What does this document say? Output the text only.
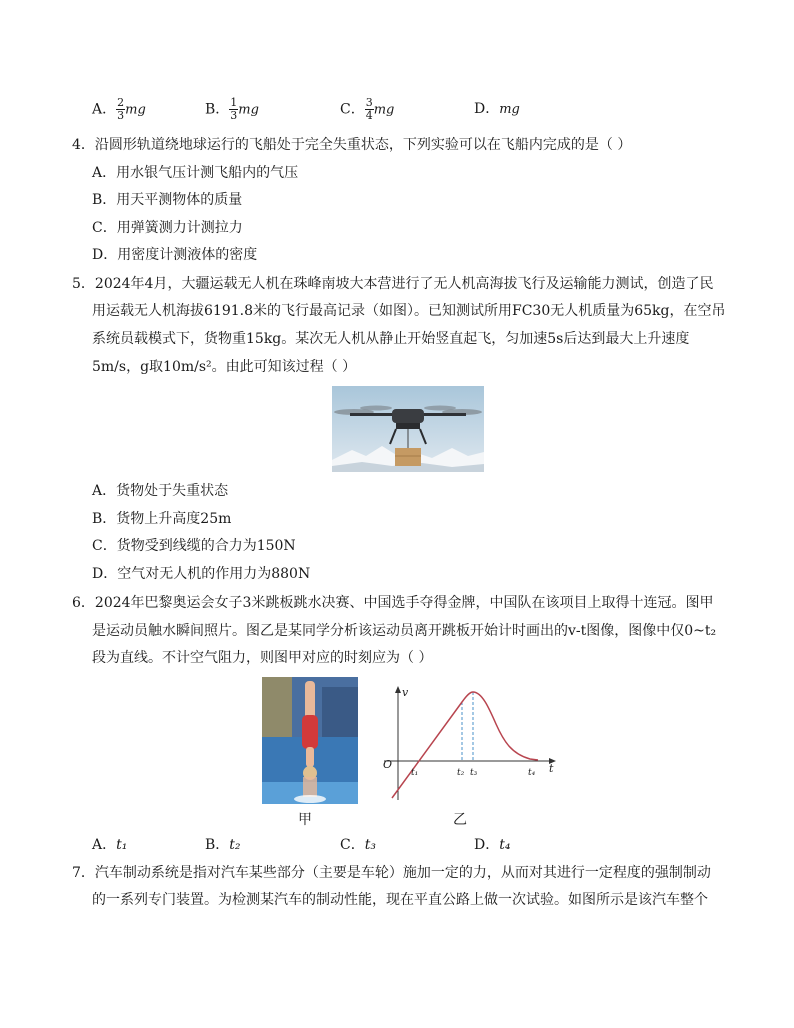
A． $\frac{2}{3}$ mg	B． $\frac{1}{3}$ mg	C． $\frac{3}{4}$ mg	D．mg
4．沿圆形轨道绕地球运行的飞船处于完全失重状态，下列实验可以在飞船内完成的是（ ）
A．用水银气压计测飞船内的气压
B．用天平测物体的质量
C．用弹簧测力计测拉力
D．用密度计测液体的密度
5．2024年4月，大疆运载无人机在珠峰南坡大本营进行了无人机高海拔飞行及运输能力测试，创造了民
用运载无人机海拔6191.8米的飞行最高记录（如图）。已知测试所用FC30无人机质量为65kg，在空吊
系统员载模式下，货物重15kg。某次无人机从静止开始竖直起飞，匀加速5s后达到最大上升速度
5m/s，g取10m/s²。由此可知该过程（ ）
A．货物处于失重状态
B．货物上升高度25m
C．货物受到线缆的合力为150N
D．空气对无人机的作用力为880N
6．2024年巴黎奥运会女子3米跳板跳水决赛、中国选手夺得金牌，中国队在该项目上取得十连冠。图甲
是运动员触水瞬间照片。图乙是某同学分析该运动员离开跳板开始计时画出的v-t图像，图像中仅0~t₂
段为直线。不计空气阻力，则图甲对应的时刻应为（ ）
甲
v
t
O
t₁	t₂ t₃	t₄
乙
A．t₁	B．t₂	C．t₃	D．t₄
7．汽车制动系统是指对汽车某些部分（主要是车轮）施加一定的力，从而对其进行一定程度的强制制动
的一系列专门装置。为检测某汽车的制动性能，现在平直公路上做一次试验。如图所示是该汽车整个
